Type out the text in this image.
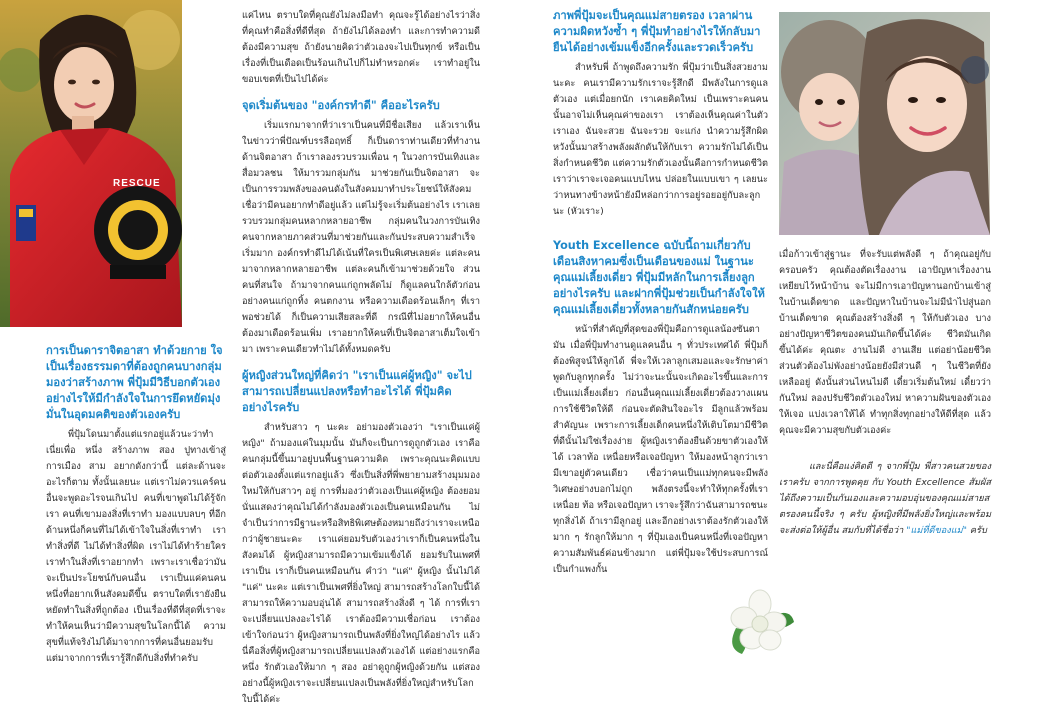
RESCUE

การเป็นดาราจิตอาสา ทำด้วยกาย ใจ เป็นเรื่องธรรมดาที่ต้องถูกคนบางกลุ่มมองว่าสร้างภาพ พี่ปุ้มมีวิธีบอกตัวเองอย่างไรให้มีกำลังใจในการยึดหยัดมุ่งมั่นในอุดมคติของตัวเองครับ

พี่ปุ้มโดนมาตั้งแต่แรกอยู่แล้วนะว่าทำเนี่ยเพื่อ หนึ่ง สร้างภาพ สอง ปูทางเข้าสู่การเมือง สาม อยากดังกว่านี้ แต่ละด้านจะอะไรก็ตาม ทั้งนั้นเลยนะ แต่เราไม่ควรแคร์คนอื่นจะพูดอะไรจนเกินไป คนที่เขาพูดไม่ได้รู้จักเรา คนที่เขามองสิ่งที่เราทำ มองแบบลบๆ ที่อีกด้านหนึ่งก็คนที่ไม่ได้เข้าใจในสิ่งที่เราทำ เราทำสิ่งที่ดี ไม่ได้ทำสิ่งที่ผิด เราไม่ได้ทำร้ายใคร เราทำในสิ่งที่เราอยากทำ เพราะเราเชื่อว่ามันจะเป็นประโยชน์กับคนอื่น เราเป็นแค่คนคนหนึ่งที่อยากเห็นสังคมดีขึ้น ตราบใดที่เรายังยืนหยัดทำในสิ่งที่ถูกต้อง เป็นเรื่องที่ดีที่สุดที่เราจะทำให้คนเห็นว่ามีความสุขในโลกนี้ได้ ความสุขที่แท้จริงไม่ได้มาจากการที่คนอื่นยอมรับ แต่มาจากการที่เรารู้สึกดีกับสิ่งที่ทำครับ

แค่ไหน ตราบใดที่คุณยังไม่ลงมือทำ คุณจะรู้ได้อย่างไรว่าสิ่งที่คุณทำคือสิ่งที่ดีที่สุด ถ้ายังไม่ได้ลองทำ และการทำความดีต้องมีความสุข ถ้ายังนายคิดว่าตัวเองจะไปเป็นทุกข์ หรือเป็นเรื่องที่เป็นเดือดเป็นร้อนเกินไปก็ไม่ทำหรอกค่ะ เราทำอยู่ในขอบเขตที่เป็นไปได้ค่ะ

จุดเริ่มต้นของ "องค์กรทำดี" คืออะไรครับ

เริ่มแรกมาจากที่ว่าเราเป็นคนที่มีชื่อเสียง แล้วเราเห็นในข่าวว่าพี่ปัณฑ์บรรลือฤทธิ์ ก็เป็นดาราท่านเดียวที่ทำงานด้านจิตอาสา ถ้าเราลองรวบรวมเพื่อน ๆ ในวงการบันเทิงและสื่อมวลชน ให้มารวมกลุ่มกัน มาช่วยกันเป็นจิตอาสา จะเป็นการรวมพลังของคนดังในสังคมมาทำประโยชน์ให้สังคม เชื่อว่ามีคนอยากทำดีอยู่แล้ว แต่ไม่รู้จะเริ่มต้นอย่างไร เราเลยรวบรวมกลุ่มคนหลากหลายอาชีพ กลุ่มคนในวงการบันเทิง คนจากหลายภาคส่วนที่มาช่วยกันและกันประสบความสำเร็จเริ่มมาก องค์กรทำดีไม่ได้เน้นที่ใครเป็นพิเศษเลยค่ะ แต่ละคนมาจากหลากหลายอาชีพ แต่ละคนก็เข้ามาช่วยด้วยใจ ส่วนคนที่สนใจ ถ้ามาจากคนแก่ถูกพลัดไม่ ก็ดูแลคนใกล้ตัวก่อน อย่างคนแก่ถูกทิ้ง คนตกงาน หรือความเดือดร้อนเล็กๆ ที่เราพอช่วยได้ ก็เป็นความเสียสละที่ดี กรณีที่ไม่อยากให้คนอื่นต้องมาเดือดร้อนเพิ่ม เราอยากให้คนที่เป็นจิตอาสาเต็มใจเข้ามา เพราะคนเดียวทำไม่ได้ทั้งหมดครับ

ผู้หญิงส่วนใหญ่ที่คิดว่า "เราเป็นแค่ผู้หญิง" จะไปสามารถเปลี่ยนแปลงหรือทำอะไรได้ พี่ปุ้มคิดอย่างไรครับ

สำหรับสาว ๆ นะคะ อย่ามองตัวเองว่า "เราเป็นแค่ผู้หญิง" ถ้ามองแค่ในมุมนั้น มันก็จะเป็นการดูถูกตัวเอง เราคือคนกลุ่มนี้ขึ้นมาอยู่บนพื้นฐานความคิด เพราะคุณนะคิดแบบต่อตัวเองตั้งแต่แรกอยู่แล้ว ซึ่งเป็นสิ่งที่พี่พยายามสร้างมุมมองใหม่ให้กับสาวๆ อยู่ การที่มองว่าตัวเองเป็นแค่ผู้หญิง ต้องยอม นั่นแสดงว่าคุณไม่ได้กำลังมองตัวเองเป็นคนเหมือนกัน ไม่จำเป็นว่าการมีฐานะหรือสิทธิพิเศษต้องหมายถึงว่าเราจะเหนือกว่าผู้ชายนะคะ เราแค่ยอมรับตัวเองว่าเราก็เป็นคนหนึ่งในสังคมได้ ผู้หญิงสามารถมีความเข้มแข็งได้ ยอมรับในเพศที่เราเป็น เราก็เป็นคนเหมือนกัน คำว่า "แค่" ผู้หญิง นั้นไม่ได้ "แค่" นะคะ แต่เราเป็นเพศที่ยิ่งใหญ่ สามารถสร้างโลกใบนี้ได้ สามารถให้ความอบอุ่นได้ สามารถสร้างสิ่งดี ๆ ได้ การที่เราจะเปลี่ยนแปลงอะไรได้ เราต้องมีความเชื่อก่อน เราต้องเข้าใจก่อนว่า ผู้หญิงสามารถเป็นพลังที่ยิ่งใหญ่ได้อย่างไร แล้วนี่คือสิ่งที่ผู้หญิงสามารถเปลี่ยนแปลงตัวเองได้ แต่อย่างแรกคือ หนึ่ง รักตัวเองให้มาก ๆ สอง อย่าดูถูกผู้หญิงด้วยกัน แต่สองอย่างนี้ผู้หญิงเราจะเปลี่ยนแปลงเป็นพลังที่ยิ่งใหญ่สำหรับโลกใบนี้ได้ค่ะ

ภาพพี่ปุ้มจะเป็นคุณแม่สายตรอง เวลาผ่านความผิดหวังซ้ำ ๆ พี่ปุ้มทำอย่างไรให้กลับมายืนได้อย่างเข้มแข็งอีกครั้งและรวดเร็วครับ

สำหรับพี่ ถ้าพูดถึงความรัก พี่ปุ้มว่าเป็นสิ่งสวยงามนะคะ คนเรามีความรักเราจะรู้สึกดี มีพลังในการดูแลตัวเอง แต่เมื่อยกนัก เราเคยคิดใหม่ เป็นเพราะคนคนนั้นอาจไม่เห็นคุณค่าของเรา เราต้องเห็นคุณค่าในตัวเราเอง ฉันจะสวย ฉันจะรวย จะแก่ง นำความรู้สึกผิดหวังนั้นมาสร้างพลังผลักดันให้กับเรา ความรักไม่ได้เป็นสิ่งกำหนดชีวิต แต่ความรักตัวเองนั้นคือการกำหนดชีวิตเราว่าเราจะเจอคนแบบไหน ปล่อยในแบบเขา ๆ เลยนะว่าหนทางข้างหน้ายังมีหล่อกว่าการอยู่รอยอยู่กับละลูกนะ (หัวเราะ)

Youth Excellence ฉบับนี้ถามเกี่ยวกับเดือนสิงหาคมซึ่งเป็นเดือนของแม่ ในฐานะคุณแม่เลี้ยงเดี่ยว พี่ปุ้มมีหลักในการเลี้ยงลูกอย่างไรครับ และฝากพี่ปุ้มช่วยเป็นกำลังใจให้คุณแม่เลี้ยงเดี่ยวทั้งหลายกันสักหน่อยครับ

หน้าที่สำคัญที่สุดของพี่ปุ้มคือการดูแลน้องซันตามัน เมื่อพี่ปุ้มทำงานดูแลคนอื่น ๆ ทั่วประเทศได้ พี่ปุ้มก็ต้องพิสูจน์ให้ลูกได้ พี่จะให้เวลาลูกเสมอและจะรักษาค่าพูดกับลูกทุกครั้ง ไม่ว่าจะนะนั้นจะเกิดอะไรขึ้นและการเป็นแม่เลี้ยงเดี่ยว ก่อนอื่นคุณแม่เลี้ยงเดี่ยวต้องวางแผนการใช้ชีวิตให้ดี ก่อนจะตัดสินใจอะไร มีลูกแล้วพร้อมสำคัญนะ เพราะการเลี้ยงเด็กคนหนึ่งให้เติบโตมามีชีวิตที่ดีนั้นไม่ใช่เรื่องง่าย ผู้หญิงเราต้องยืนด้วยขาตัวเองให้ได้ เวลาท้อ เหนื่อยหรือเจอปัญหา ให้มองหน้าลูกว่าเรามีเขาอยู่ตัวคนเดียว เชื่อว่าคนเป็นแม่ทุกคนจะมีพลังวิเศษอย่างบอกไม่ถูก พลังตรงนี้จะทำให้ทุกครั้งที่เราเหนื่อย ท้อ หรือเจอปัญหา เราจะรู้สึกว่าฉันสามารถชนะทุกสิ่งได้ ถ้าเรามีลูกอยู่ และอีกอย่างเราต้องรักตัวเองให้มาก ๆ รักลูกให้มาก ๆ ที่ปุ้มเองเป็นคนหนึ่งที่เจอปัญหาความสัมพันธ์ค่อนข้างมาก แต่พี่ปุ้มจะใช้ประสบการณ์เป็นกำแพงกั้น

เมื่อก้าวเข้าสู่ฐานะ ที่จะรับแต่พลังดี ๆ ถ้าคุณอยู่กับครอบครัว คุณต้องตัดเรื่องงาน เอาปัญหาเรื่องงานเหยียบไว้หน้าบ้าน จะไม่มีการเอาปัญหานอกบ้านเข้าสู่ในบ้านเด็ดขาด และปัญหาในบ้านจะไม่มีนำไปสู่นอกบ้านเด็ดขาด คุณต้องสร้างสิ่งดี ๆ ให้กับตัวเอง บางอย่างปัญหาชีวิตของคนมันเกิดขึ้นได้ค่ะ ชีวิตมันเกิดขึ้นได้ค่ะ คุณตะ งานไม่ดี งานเสีย แต่อย่าน้อยชีวิตส่วนตัวต้องไม่พังอย่างน้อยยังมีส่วนดี ๆ ในชีวิตที่ยังเหลืออยู่ ดังนั้นส่วนไหนไม่ดี เดี๋ยวเริ่มต้นใหม่ เดี๋ยวว่ากันใหม่ ลองปรับชีวิตตัวเองใหม่ หาความฝันของตัวเองให้เจอ แบ่งเวลาให้ได้ ทำทุกสิ่งทุกอย่างให้ดีที่สุด แล้วคุณจะมีความสุขกับตัวเองค่ะ

และนี่คือแง่คิดดี ๆ จากพี่ปุ้ม พี่สาวคนสวยของเราครับ จากการพูดคุย กับ Youth Excellence สัมผัสได้ถึงความเป็นกันเองและความอบอุ่นของคุณแม่สายสตรองคนนี้จริง ๆ ครับ ผู้หญิงที่มีพลังยิ่งใหญ่และพร้อมจะส่งต่อให้ผู้อื่น สมกับที่ได้ชื่อว่า "แม่ที่ดีของแม่" ครับ
